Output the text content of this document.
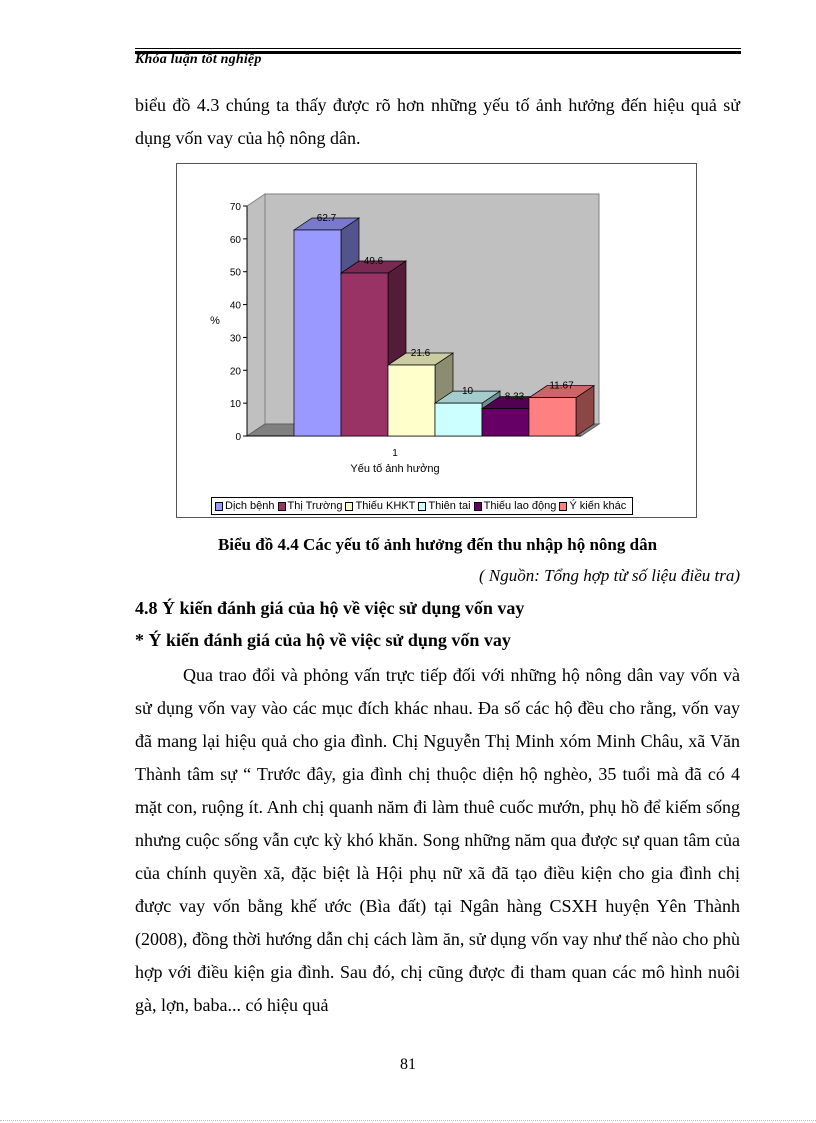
Khóa luận tốt nghiệp
biểu đồ 4.3 chúng ta thấy được rõ hơn những yếu tố ảnh hưởng đến hiệu quả sử dụng vốn vay của hộ nông dân.
0
10
20
30
40
50
60
70
%
1
Yếu tố ảnh hưởng
62.7
49.6
21.6
10	8.33
11.67
Dịch bệnh Thị Trường Thiếu KHKT Thiên tai Thiếu lao động Ý kiến khác
Biểu đồ 4.4 Các yếu tố ảnh hưởng đến thu nhập hộ nông dân
( Nguồn: Tổng hợp từ số liệu điều tra)
4.8 Ý kiến đánh giá của hộ về việc sử dụng vốn vay
* Ý kiến đánh giá của hộ về việc sử dụng vốn vay
Qua trao đổi và phỏng vấn trực tiếp đối với những hộ nông dân vay vốn và sử dụng vốn vay vào các mục đích khác nhau. Đa số các hộ đều cho rằng, vốn vay đã mang lại hiệu quả cho gia đình. Chị Nguyễn Thị Minh xóm Minh Châu, xã Văn Thành tâm sự “ Trước đây, gia đình chị thuộc diện hộ nghèo, 35 tuổi mà đã có 4 mặt con, ruộng ít. Anh chị quanh năm đi làm thuê cuốc mướn, phụ hồ để kiếm sống nhưng cuộc sống vẫn cực kỳ khó khăn. Song những năm qua được sự quan tâm của của chính quyền xã, đặc biệt là Hội phụ nữ xã đã tạo điều kiện cho gia đình chị được vay vốn bằng khế ước (Bìa đất) tại Ngân hàng CSXH huyện Yên Thành (2008), đồng thời hướng dẫn chị cách làm ăn, sử dụng vốn vay như thế nào cho phù hợp với điều kiện gia đình. Sau đó, chị cũng được đi tham quan các mô hình nuôi gà, lợn, baba... có hiệu quả
81
